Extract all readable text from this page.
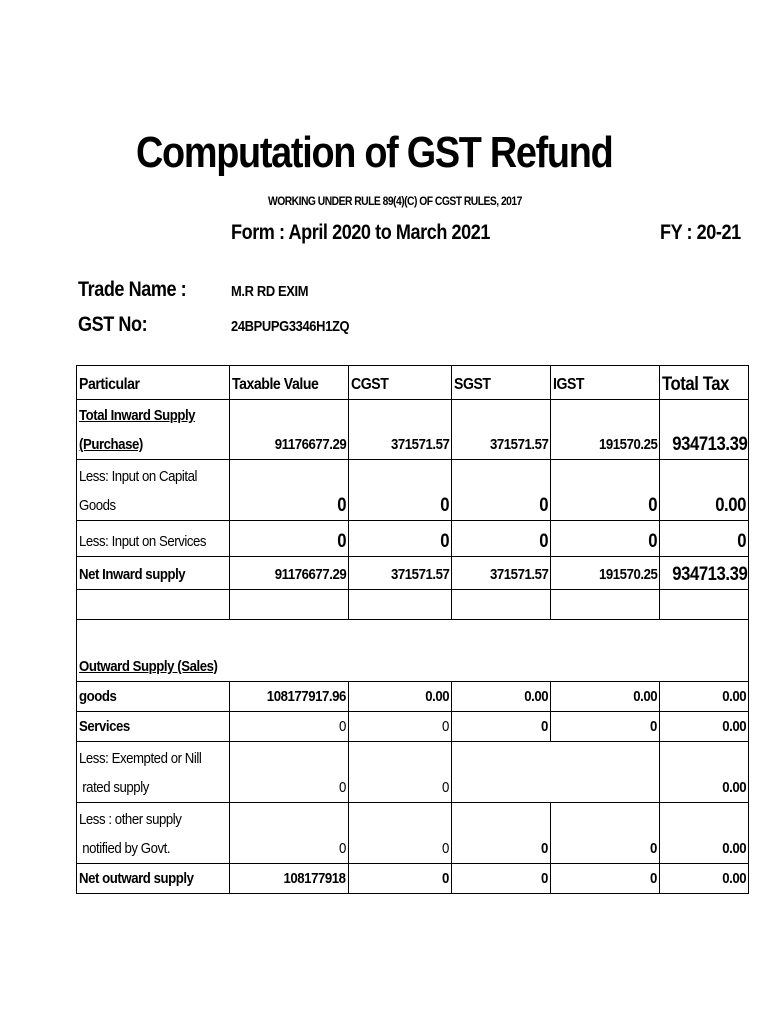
Computation of GST Refund
WORKING UNDER RULE 89(4)(C) OF CGST RULES, 2017
Form : April 2020 to March 2021	FY : 20-21
Trade Name :	M.R RD EXIM
GST No:	24BPUPG3346H1ZQ
Particular	Taxable Value	CGST	SGST	IGST	Total Tax

Total Inward Supply
(Purchase)	91176677.29	371571.57	371571.57	191570.25	934713.39

Less: Input on Capital
Goods	0	0	0	0	0.00
Less: Input on Services	0	0	0	0	0
Net Inward supply	91176677.29	371571.57	371571.57	191570.25	934713.39

Outward Supply (Sales)					
goods	108177917.96	0.00	0.00	0.00	0.00
Services	0	0	0	0	0.00

Less: Exempted or Nill
rated supply	0	0			0.00

Less : other supply
notified by Govt.	0	0	0	0	0.00
Net outward supply	108177918	0	0	0	0.00
